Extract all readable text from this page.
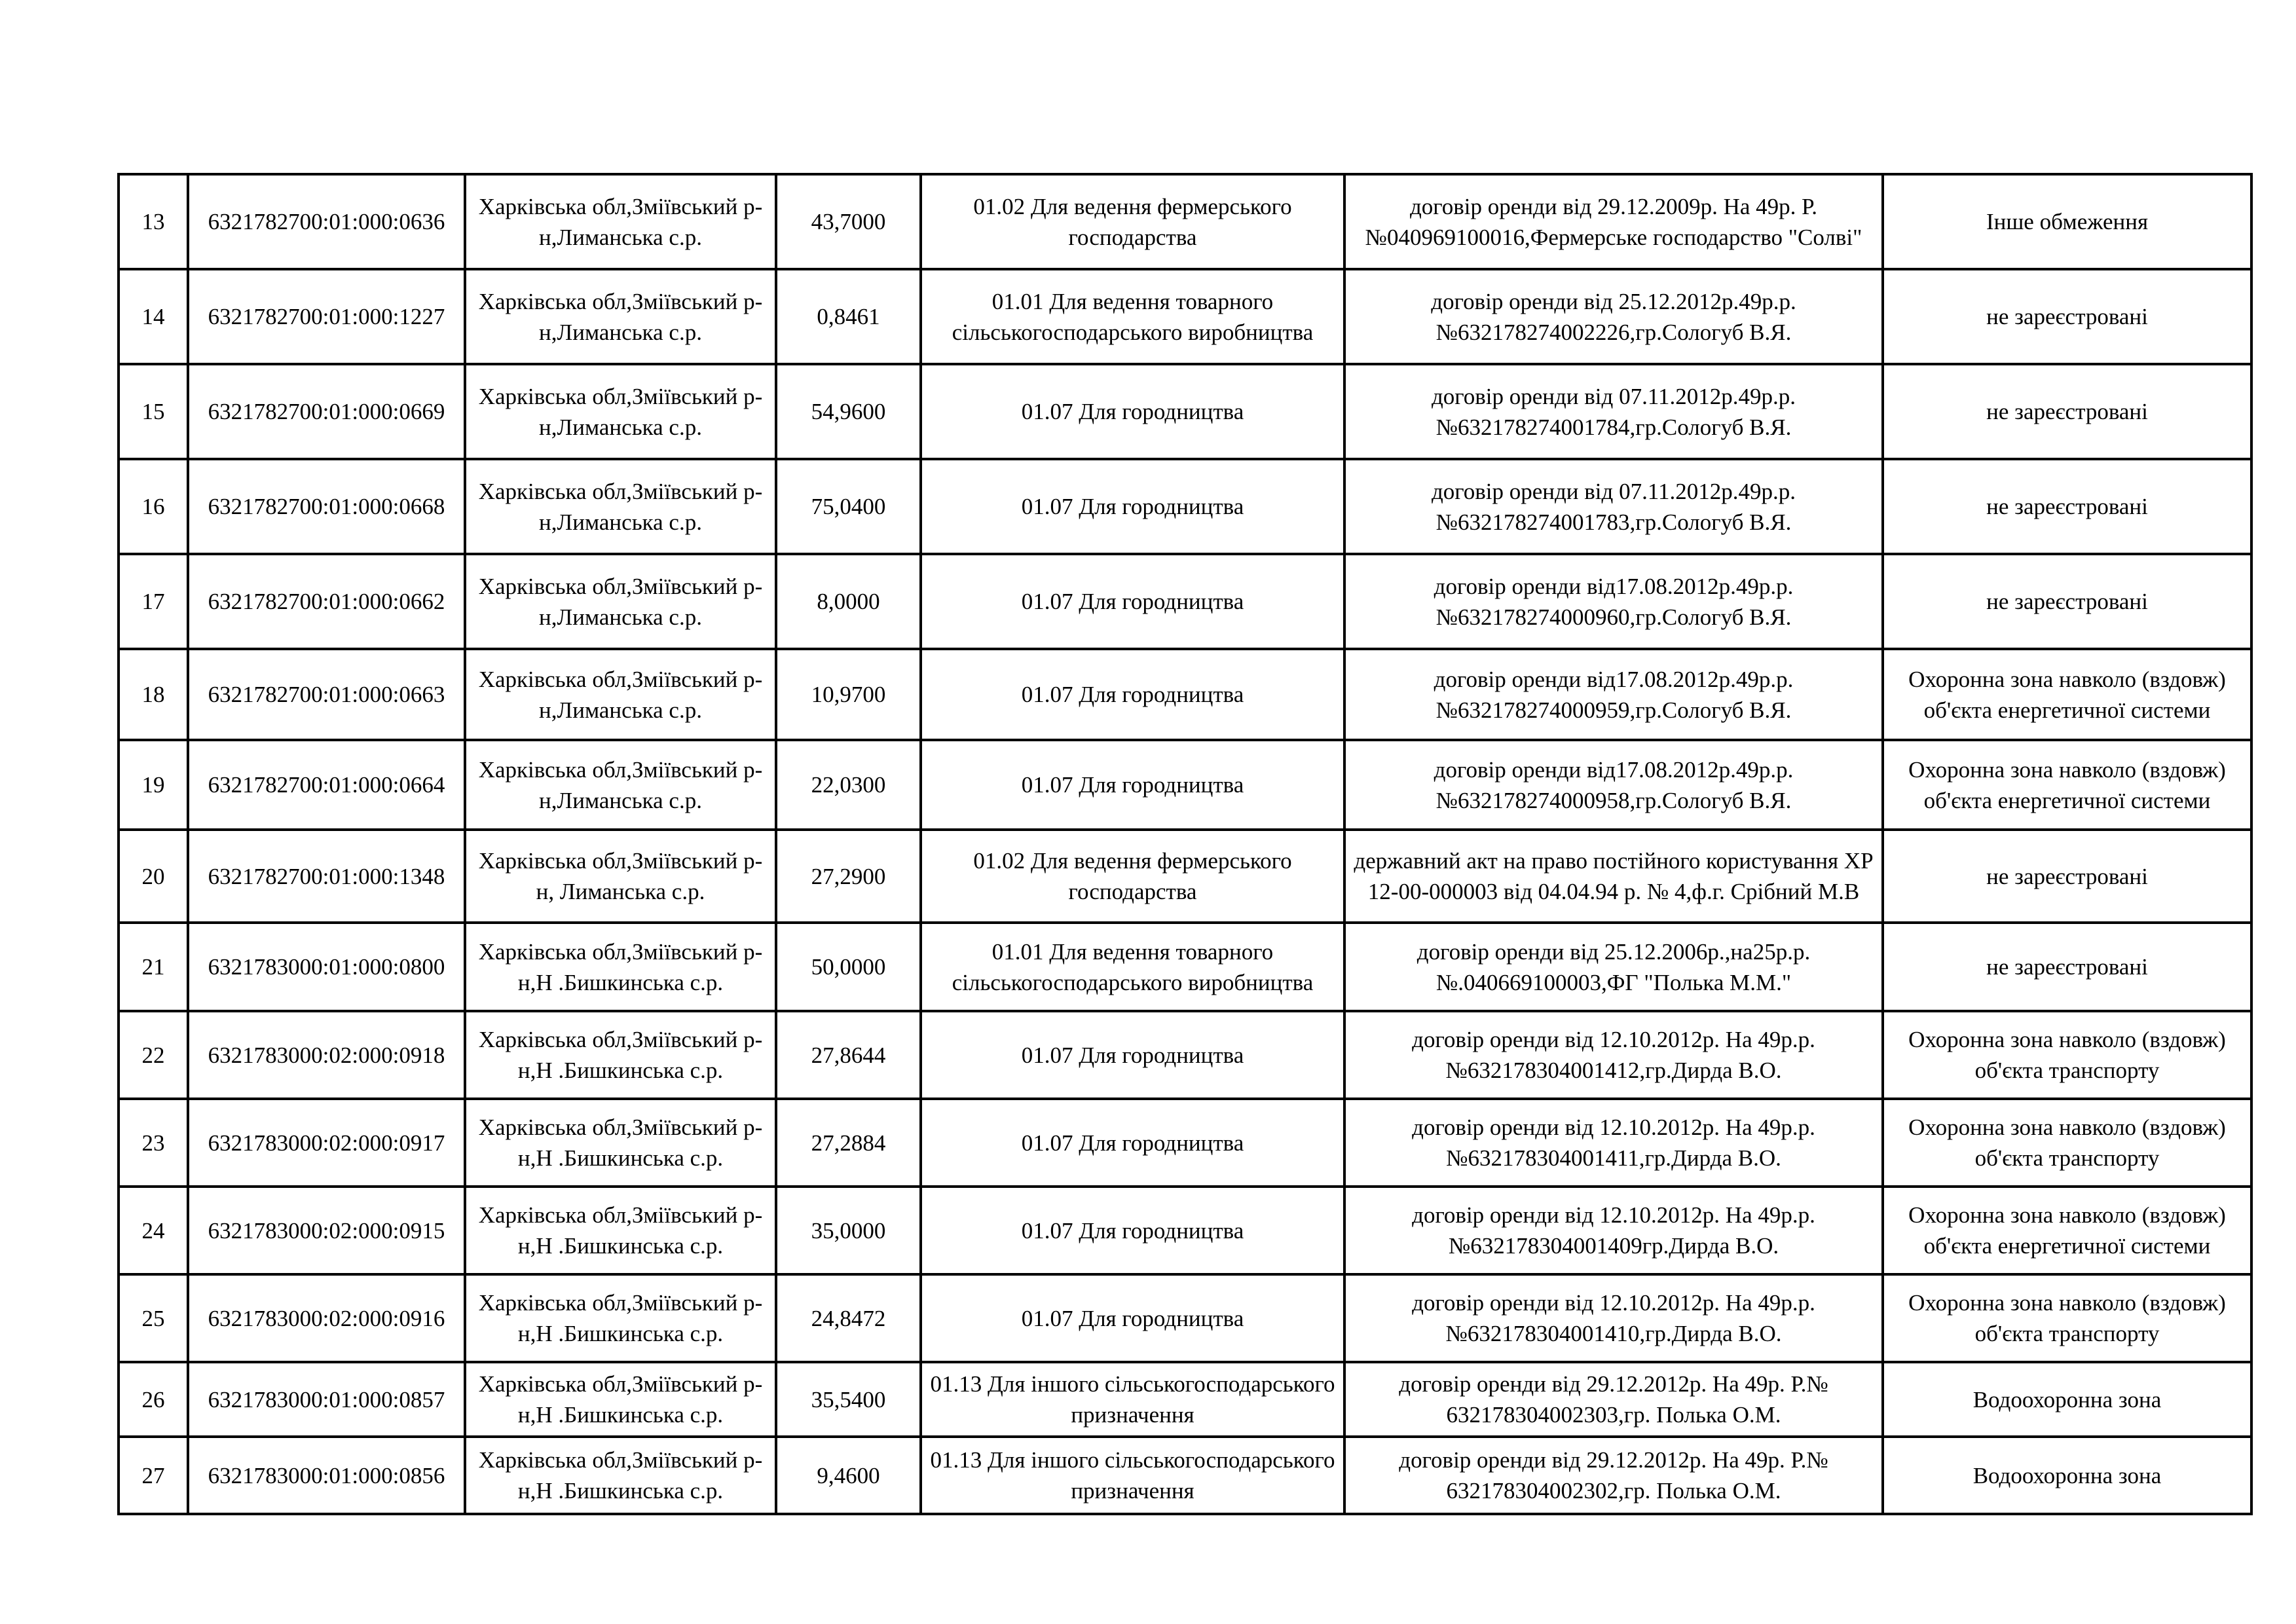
13	6321782700:01:000:0636	Харківська обл,Зміївський р-н,Лиманська с.р.	43,7000	01.02 Для ведення фермерського господарства	договір оренди від 29.12.2009р. На 49р. Р.№040969100016,Фермерське господарство "Солві"	Інше обмеження
14	6321782700:01:000:1227	Харківська обл,Зміївський р-н,Лиманська с.р.	0,8461	01.01 Для ведення товарного сільськогосподарського виробництва	договір оренди від 25.12.2012р.49р.р.№632178274002226,гр.Сологуб В.Я.	не зареєстровані
15	6321782700:01:000:0669	Харківська обл,Зміївський р-н,Лиманська с.р.	54,9600	01.07 Для городництва	договір оренди від 07.11.2012р.49р.р.№632178274001784,гр.Сологуб В.Я.	не зареєстровані
16	6321782700:01:000:0668	Харківська обл,Зміївський р-н,Лиманська с.р.	75,0400	01.07 Для городництва	договір оренди від 07.11.2012р.49р.р.№632178274001783,гр.Сологуб В.Я.	не зареєстровані
17	6321782700:01:000:0662	Харківська обл,Зміївський р-н,Лиманська с.р.	8,0000	01.07 Для городництва	договір оренди від17.08.2012р.49р.р.№632178274000960,гр.Сологуб В.Я.	не зареєстровані
18	6321782700:01:000:0663	Харківська обл,Зміївський р-н,Лиманська с.р.	10,9700	01.07 Для городництва	договір оренди від17.08.2012р.49р.р.№632178274000959,гр.Сологуб В.Я.	Охоронна зона навколо (вздовж) об'єкта енергетичної системи
19	6321782700:01:000:0664	Харківська обл,Зміївський р-н,Лиманська с.р.	22,0300	01.07 Для городництва	договір оренди від17.08.2012р.49р.р.№632178274000958,гр.Сологуб В.Я.	Охоронна зона навколо (вздовж) об'єкта енергетичної системи
20	6321782700:01:000:1348	Харківська обл,Зміївський р-н, Лиманська с.р.	27,2900	01.02 Для ведення фермерського господарства	державний акт на право постійного користування ХР 12-00-000003 від 04.04.94 р. № 4,ф.г. Срібний М.В	не зареєстровані
21	6321783000:01:000:0800	Харківська обл,Зміївський р-н,Н .Бишкинська с.р.	50,0000	01.01 Для ведення товарного сільськогосподарського виробництва	договір оренди від 25.12.2006р.,на25р.р. №.040669100003,ФГ "Полька М.М."	не зареєстровані
22	6321783000:02:000:0918	Харківська обл,Зміївський р-н,Н .Бишкинська с.р.	27,8644	01.07 Для городництва	договір оренди від 12.10.2012р. На 49р.р.№632178304001412,гр.Дирда В.О.	Охоронна зона навколо (вздовж) об'єкта транспорту
23	6321783000:02:000:0917	Харківська обл,Зміївський р-н,Н .Бишкинська с.р.	27,2884	01.07 Для городництва	договір оренди від 12.10.2012р. На 49р.р.№632178304001411,гр.Дирда В.О.	Охоронна зона навколо (вздовж) об'єкта транспорту
24	6321783000:02:000:0915	Харківська обл,Зміївський р-н,Н .Бишкинська с.р.	35,0000	01.07 Для городництва	договір оренди від 12.10.2012р. На 49р.р.№632178304001409гр.Дирда В.О.	Охоронна зона навколо (вздовж) об'єкта енергетичної системи
25	6321783000:02:000:0916	Харківська обл,Зміївський р-н,Н .Бишкинська с.р.	24,8472	01.07 Для городництва	договір оренди від 12.10.2012р. На 49р.р.№632178304001410,гр.Дирда В.О.	Охоронна зона навколо (вздовж) об'єкта транспорту
26	6321783000:01:000:0857	Харківська обл,Зміївський р-н,Н .Бишкинська с.р.	35,5400	01.13 Для іншого сільськогосподарського призначення	договір оренди від 29.12.2012р. На 49р. Р.№ 632178304002303,гр. Полька О.М.	Водоохоронна зона
27	6321783000:01:000:0856	Харківська обл,Зміївський р-н,Н .Бишкинська с.р.	9,4600	01.13 Для іншого сільськогосподарського призначення	договір оренди від 29.12.2012р. На 49р. Р.№ 632178304002302,гр. Полька О.М.	Водоохоронна зона
